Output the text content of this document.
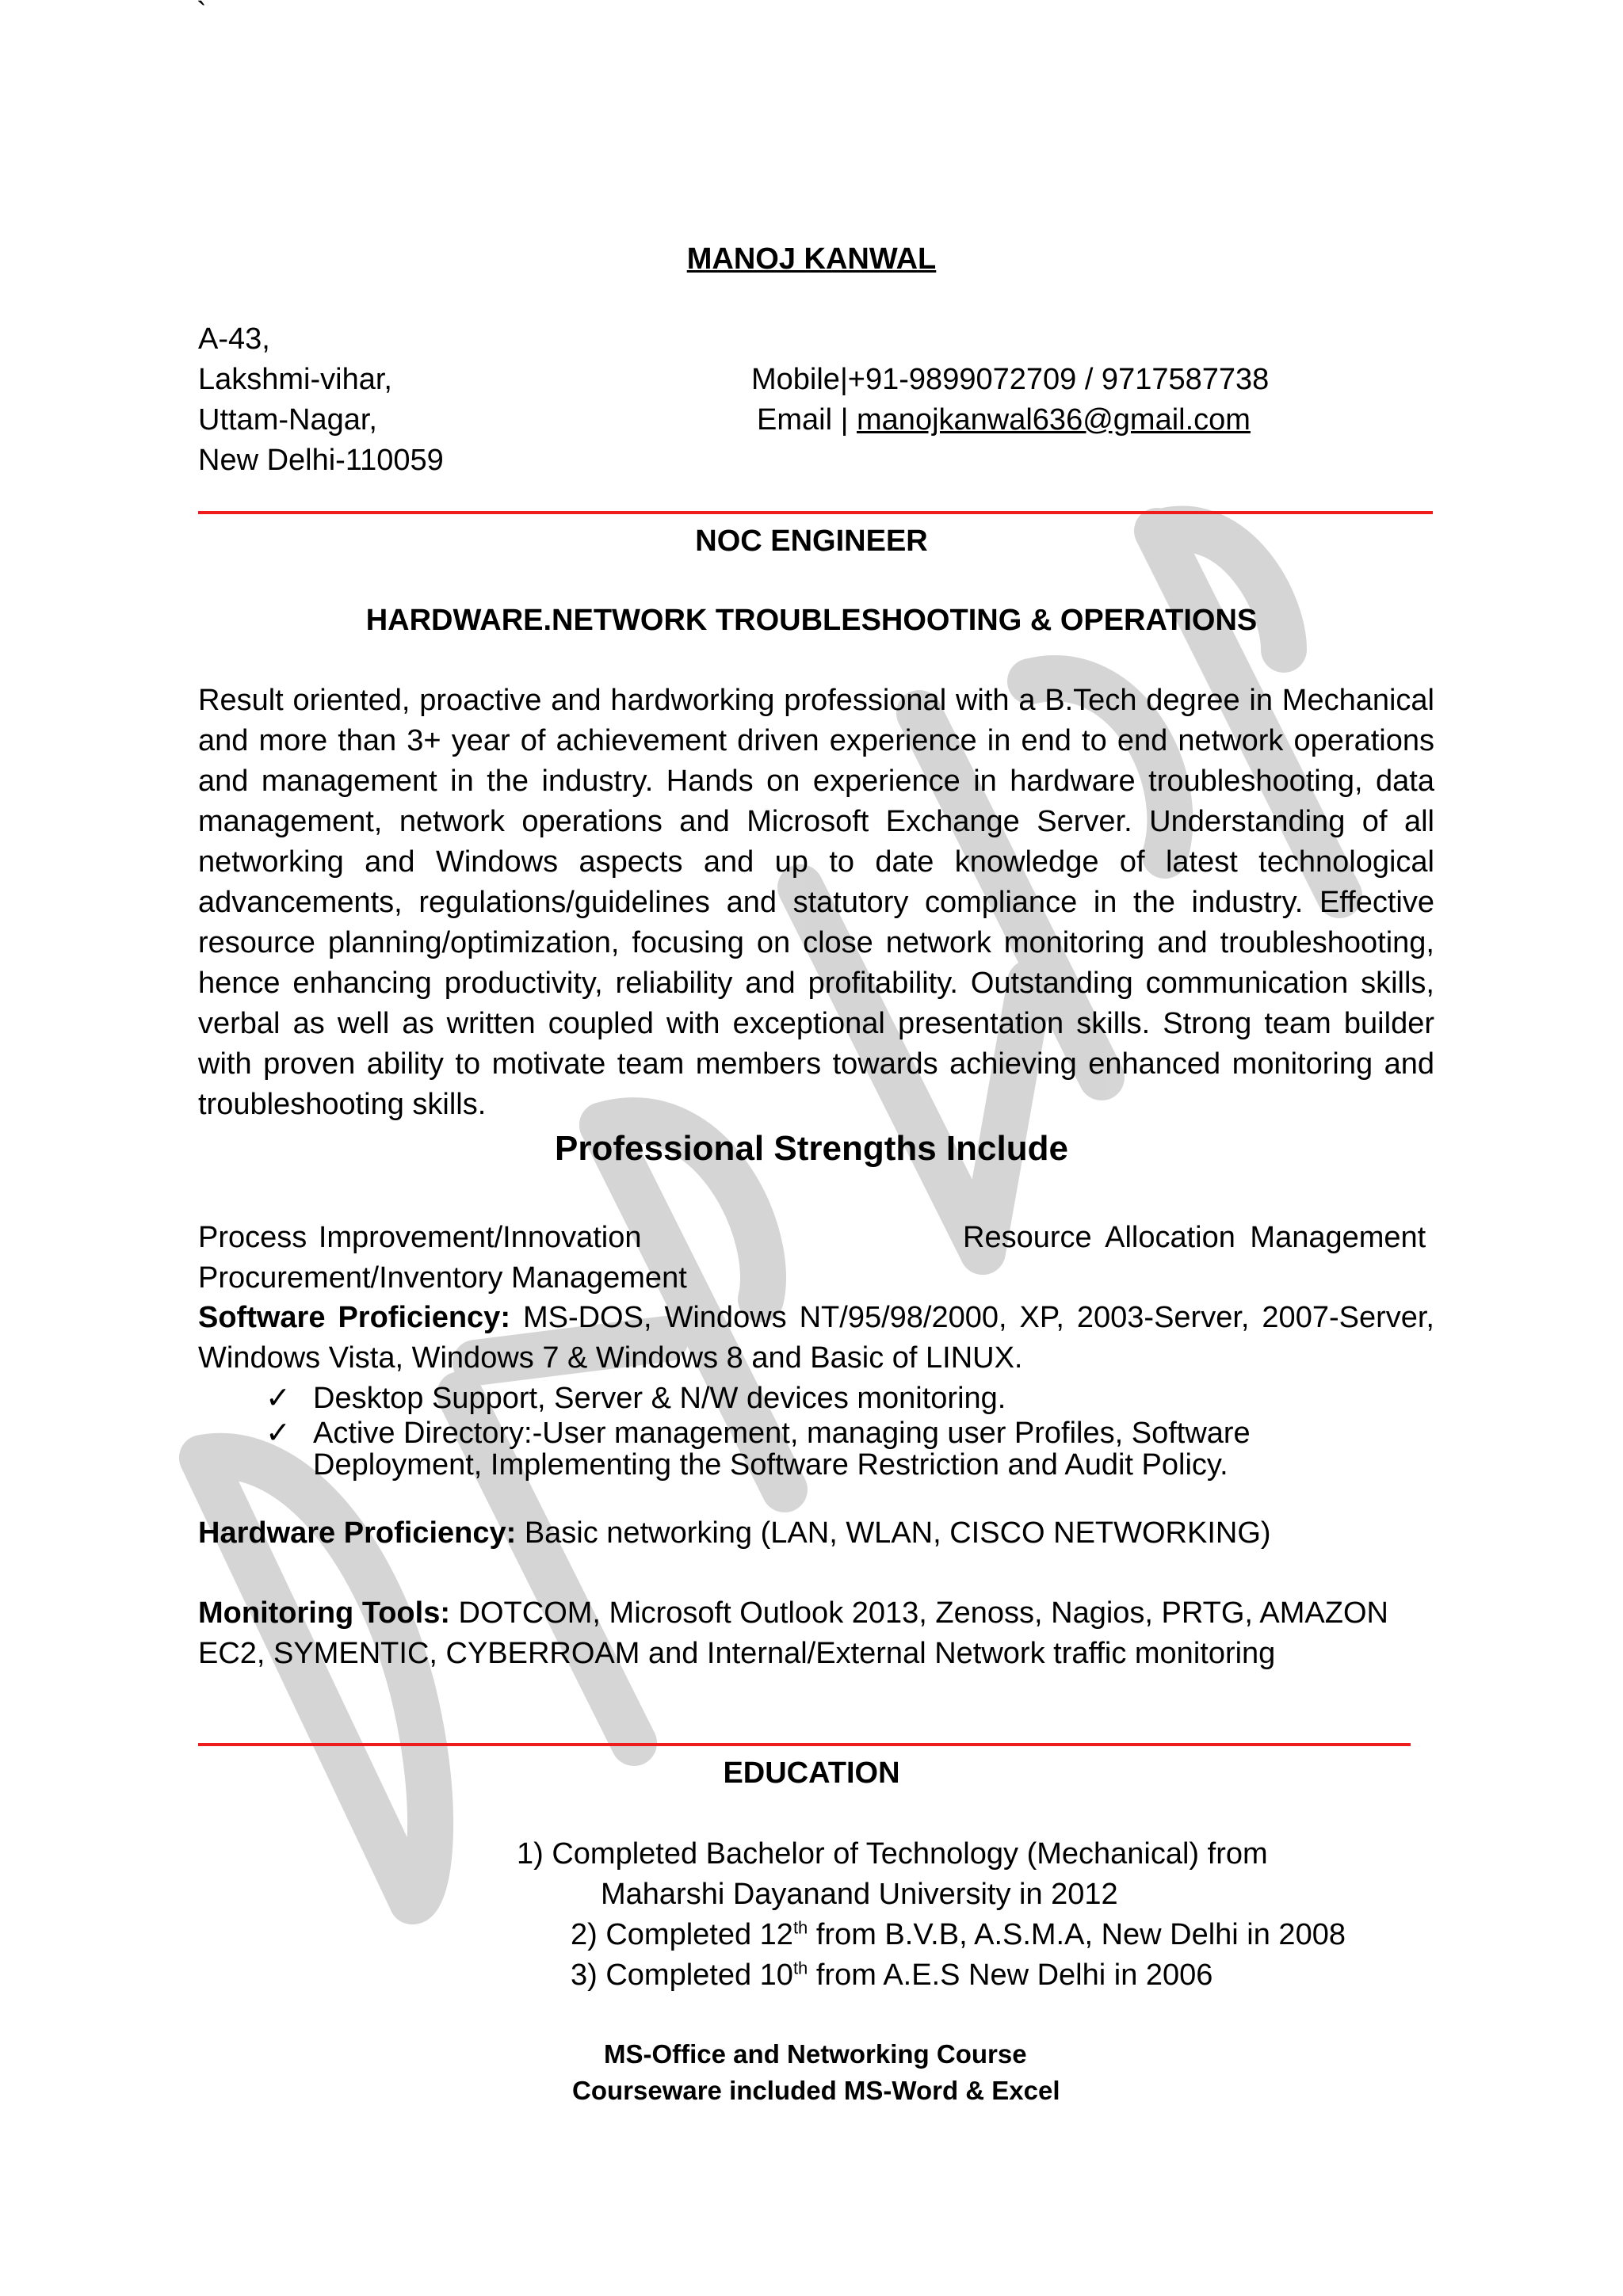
`
MANOJ KANWAL
A-43,
Lakshmi-vihar,
Uttam-Nagar,
New Delhi-110059
Mobile|+91-9899072709 / 9717587738
Email | manojkanwal636@gmail.com
NOC ENGINEER
HARDWARE.NETWORK TROUBLESHOOTING & OPERATIONS
Result oriented, proactive and hardworking professional with a B.Tech degree in Mechanical and more than 3+ year of achievement driven experience in end to end network operations and management in the industry. Hands on experience in hardware troubleshooting, data management, network operations and Microsoft Exchange Server. Understanding of all networking and Windows aspects and up to date knowledge of latest technological advancements, regulations/guidelines and statutory compliance in the industry. Effective resource planning/optimization, focusing on close network monitoring and troubleshooting, hence enhancing productivity, reliability and profitability. Outstanding communication skills, verbal as well as written coupled with exceptional presentation skills. Strong team builder with proven ability to motivate team members towards achieving enhanced monitoring and troubleshooting skills.
Professional Strengths Include
Process Improvement/Innovation	Resource Allocation Management
Procurement/Inventory Management
Software Proficiency: MS-DOS, Windows NT/95/98/2000, XP, 2003-Server, 2007-Server, Windows Vista, Windows 7 & Windows 8 and Basic of LINUX.
✓ Desktop Support, Server & N/W devices monitoring.
✓ Active Directory:-User management, managing user Profiles, Software
Deployment, Implementing the Software Restriction and Audit Policy.
Hardware Proficiency: Basic networking (LAN, WLAN, CISCO NETWORKING)
Monitoring Tools: DOTCOM, Microsoft Outlook 2013, Zenoss, Nagios, PRTG, AMAZON EC2, SYMENTIC, CYBERROAM and Internal/External Network traffic monitoring
EDUCATION
1) Completed Bachelor of Technology (Mechanical) from
Maharshi Dayanand University in 2012
2) Completed 12th from B.V.B, A.S.M.A, New Delhi in 2008
3) Completed 10th from A.E.S New Delhi in 2006
MS-Office and Networking Course
Courseware included MS-Word & Excel
